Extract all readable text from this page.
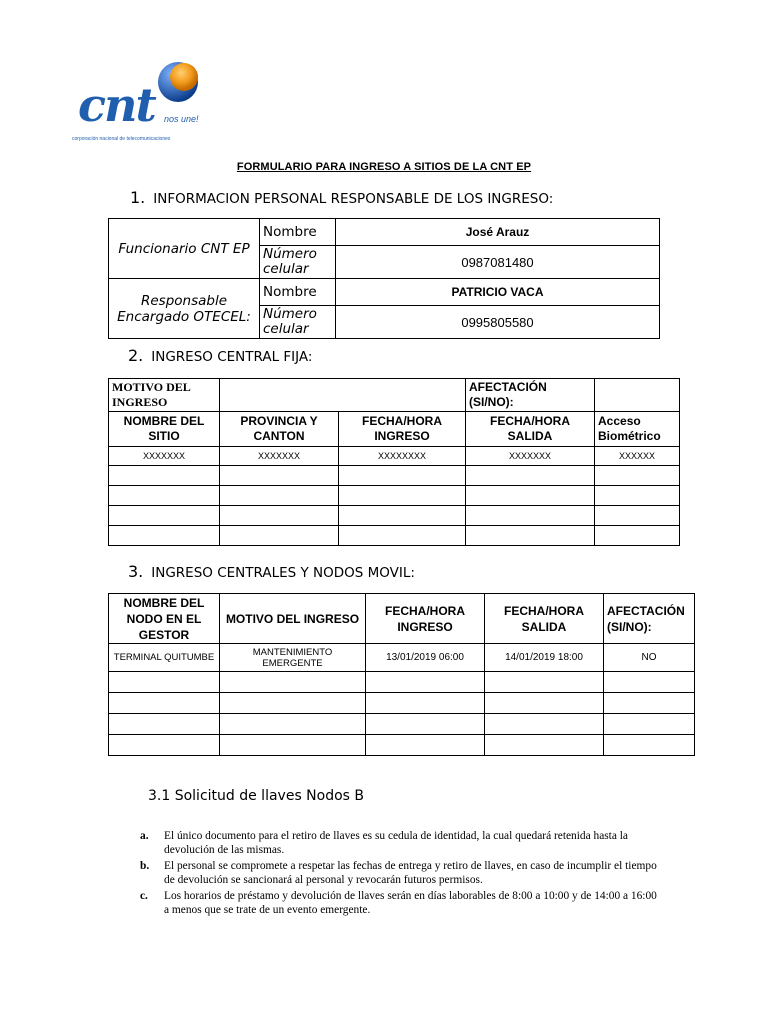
cnt nos une!
corporación nacional de telecomunicaciones
FORMULARIO PARA INGRESO A SITIOS DE LA CNT EP
1. INFORMACION PERSONAL RESPONSABLE DE LOS INGRESO:
Funcionario CNT EP	Nombre	José Arauz
	Número celular	0987081480
Responsable Encargado OTECEL:	Nombre	PATRICIO VACA
	Número celular	0995805580
2. INGRESO CENTRAL FIJA:
MOTIVO DEL INGRESO			AFECTACIÓN (SI/NO):	
NOMBRE DEL SITIO	PROVINCIA Y CANTON	FECHA/HORA INGRESO	FECHA/HORA SALIDA	Acceso Biométrico
XXXXXXX	XXXXXXX	XXXXXXXX	XXXXXXX	XXXXXX

3. INGRESO CENTRALES Y NODOS MOVIL:
NOMBRE DEL NODO EN EL GESTOR	MOTIVO DEL INGRESO	FECHA/HORA INGRESO	FECHA/HORA SALIDA	AFECTACIÓN (SI/NO):
TERMINAL QUITUMBE	MANTENIMIENTO EMERGENTE	13/01/2019 06:00	14/01/2019 18:00	NO

3.1 Solicitud de llaves Nodos B
a. El único documento para el retiro de llaves es su cedula de identidad, la cual quedará retenida hasta la devolución de las mismas.
b. El personal se compromete a respetar las fechas de entrega y retiro de llaves, en caso de incumplir el tiempo de devolución se sancionará al personal y revocarán futuros permisos.
c. Los horarios de préstamo y devolución de llaves serán en días laborables de 8:00 a 10:00 y de 14:00 a 16:00 a menos que se trate de un evento emergente.
